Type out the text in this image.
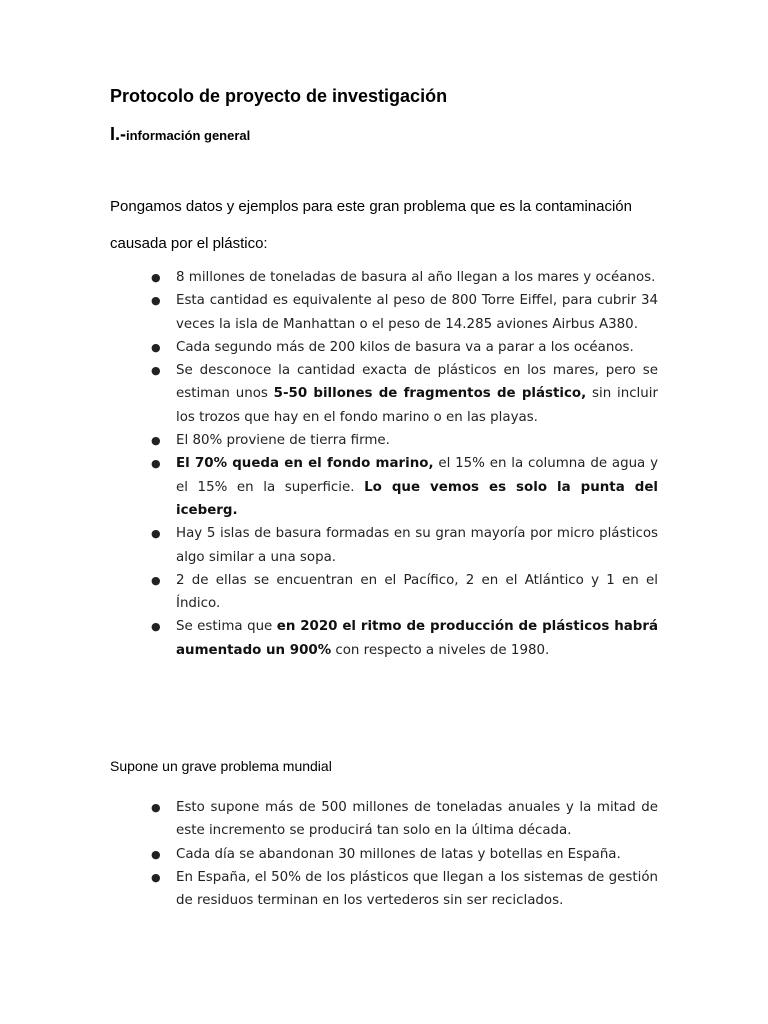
Protocolo de proyecto de investigación

I.-información general

Pongamos datos y ejemplos para este gran problema que es la contaminación
causada por el plástico:

● 8 millones de toneladas de basura al año llegan a los mares y océanos.
● Esta cantidad es equivalente al peso de 800 Torre Eiffel, para cubrir 34 veces la isla de Manhattan o el peso de 14.285 aviones Airbus A380.
● Cada segundo más de 200 kilos de basura va a parar a los océanos.
● Se desconoce la cantidad exacta de plásticos en los mares, pero se estiman unos 5-50 billones de fragmentos de plástico, sin incluir los trozos que hay en el fondo marino o en las playas.
● El 80% proviene de tierra firme.
● El 70% queda en el fondo marino, el 15% en la columna de agua y el 15% en la superficie. Lo que vemos es solo la punta del iceberg.
● Hay 5 islas de basura formadas en su gran mayoría por micro plásticos algo similar a una sopa.
● 2 de ellas se encuentran en el Pacífico, 2 en el Atlántico y 1 en el Índico.
● Se estima que en 2020 el ritmo de producción de plásticos habrá aumentado un 900% con respecto a niveles de 1980.

Supone un grave problema mundial

● Esto supone más de 500 millones de toneladas anuales y la mitad de este incremento se producirá tan solo en la última década.
● Cada día se abandonan 30 millones de latas y botellas en España.
● En España, el 50% de los plásticos que llegan a los sistemas de gestión de residuos terminan en los vertederos sin ser reciclados.
